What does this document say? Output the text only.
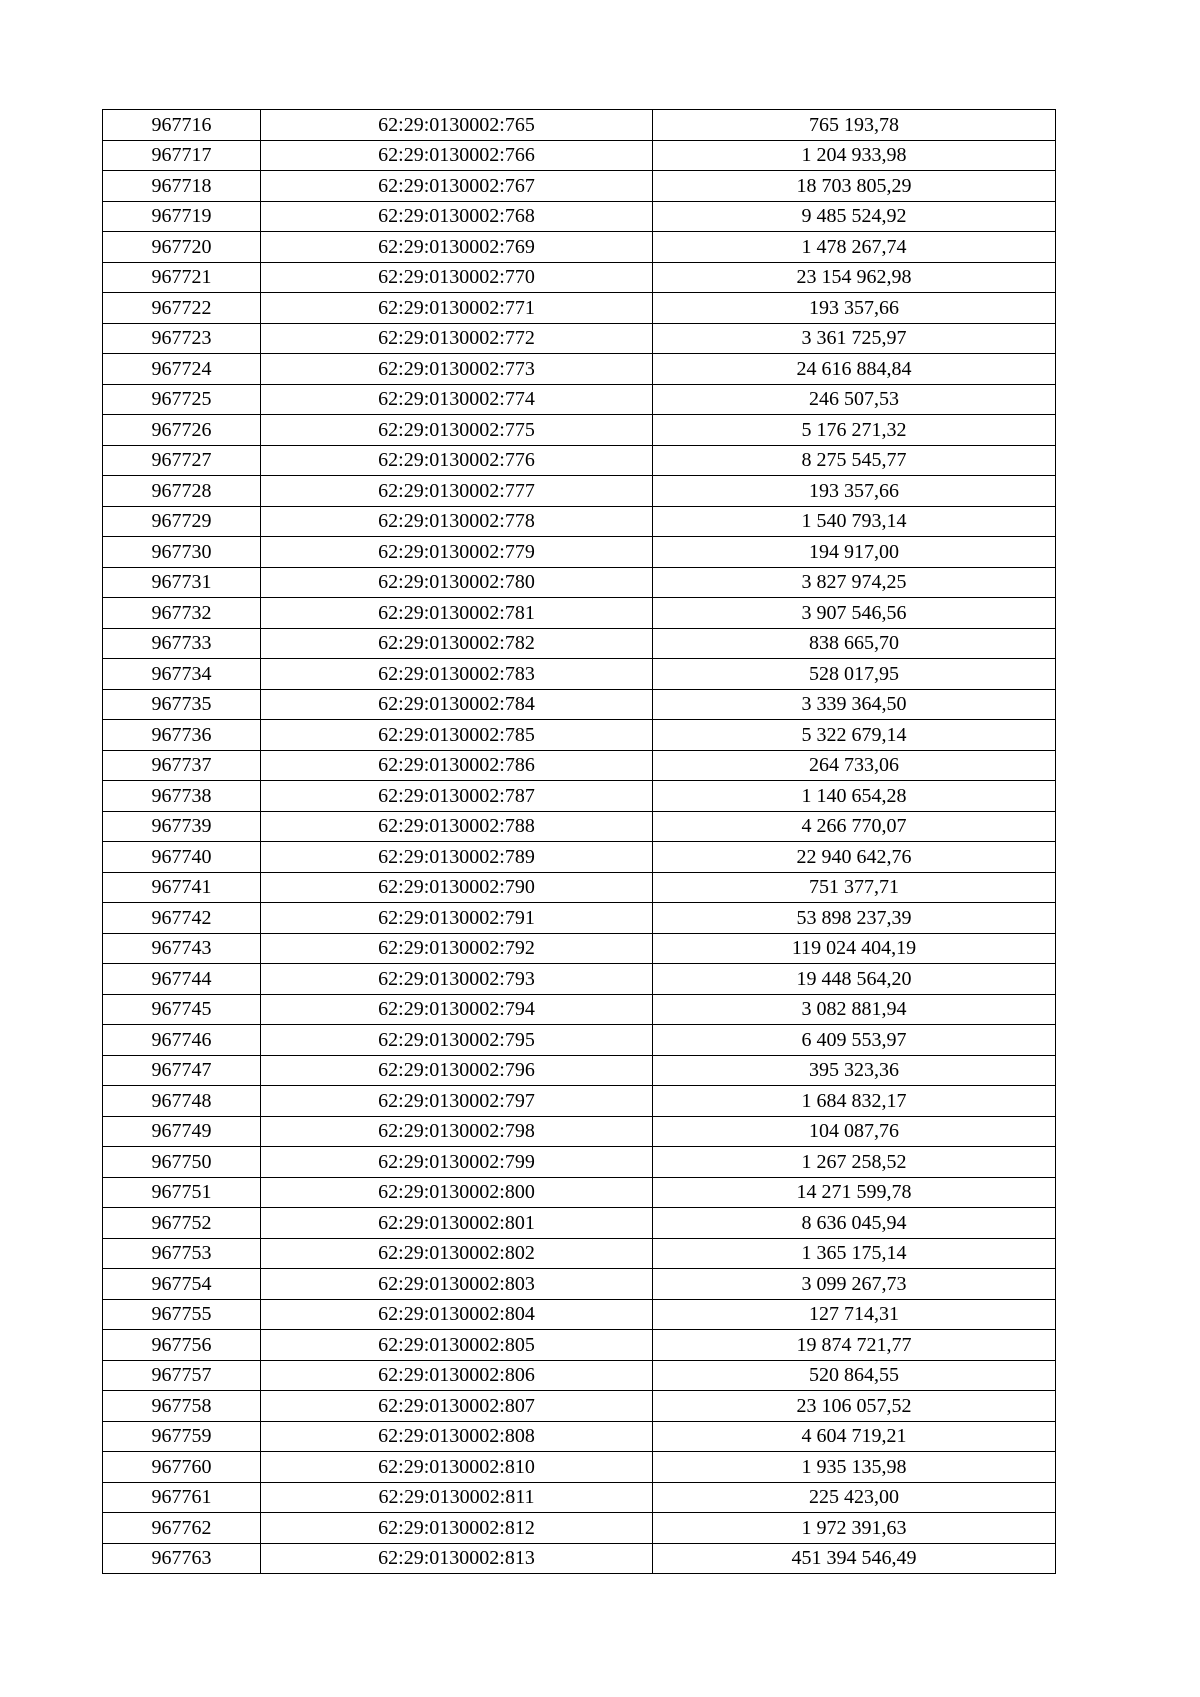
967716	62:29:0130002:765	765 193,78
967717	62:29:0130002:766	1 204 933,98
967718	62:29:0130002:767	18 703 805,29
967719	62:29:0130002:768	9 485 524,92
967720	62:29:0130002:769	1 478 267,74
967721	62:29:0130002:770	23 154 962,98
967722	62:29:0130002:771	193 357,66
967723	62:29:0130002:772	3 361 725,97
967724	62:29:0130002:773	24 616 884,84
967725	62:29:0130002:774	246 507,53
967726	62:29:0130002:775	5 176 271,32
967727	62:29:0130002:776	8 275 545,77
967728	62:29:0130002:777	193 357,66
967729	62:29:0130002:778	1 540 793,14
967730	62:29:0130002:779	194 917,00
967731	62:29:0130002:780	3 827 974,25
967732	62:29:0130002:781	3 907 546,56
967733	62:29:0130002:782	838 665,70
967734	62:29:0130002:783	528 017,95
967735	62:29:0130002:784	3 339 364,50
967736	62:29:0130002:785	5 322 679,14
967737	62:29:0130002:786	264 733,06
967738	62:29:0130002:787	1 140 654,28
967739	62:29:0130002:788	4 266 770,07
967740	62:29:0130002:789	22 940 642,76
967741	62:29:0130002:790	751 377,71
967742	62:29:0130002:791	53 898 237,39
967743	62:29:0130002:792	119 024 404,19
967744	62:29:0130002:793	19 448 564,20
967745	62:29:0130002:794	3 082 881,94
967746	62:29:0130002:795	6 409 553,97
967747	62:29:0130002:796	395 323,36
967748	62:29:0130002:797	1 684 832,17
967749	62:29:0130002:798	104 087,76
967750	62:29:0130002:799	1 267 258,52
967751	62:29:0130002:800	14 271 599,78
967752	62:29:0130002:801	8 636 045,94
967753	62:29:0130002:802	1 365 175,14
967754	62:29:0130002:803	3 099 267,73
967755	62:29:0130002:804	127 714,31
967756	62:29:0130002:805	19 874 721,77
967757	62:29:0130002:806	520 864,55
967758	62:29:0130002:807	23 106 057,52
967759	62:29:0130002:808	4 604 719,21
967760	62:29:0130002:810	1 935 135,98
967761	62:29:0130002:811	225 423,00
967762	62:29:0130002:812	1 972 391,63
967763	62:29:0130002:813	451 394 546,49
